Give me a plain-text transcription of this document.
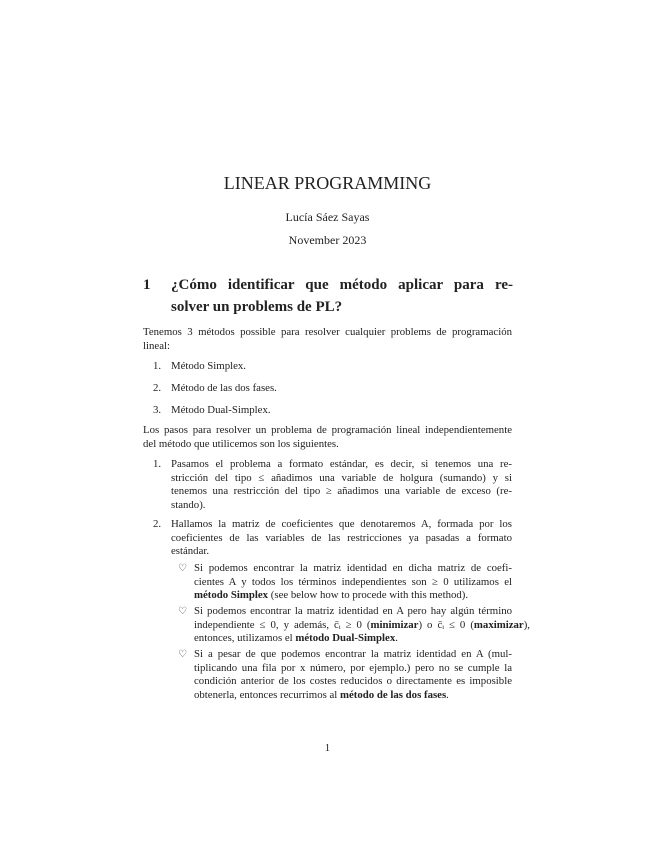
LINEAR PROGRAMMING
Lucía Sáez Sayas
November 2023
1 ¿Cómo identificar que método aplicar para re-
solver un problems de PL?
Tenemos 3 métodos possible para resolver cualquier problems de programación
lineal:
1. Método Simplex.
2. Método de las dos fases.
3. Método Dual-Simplex.
Los pasos para resolver un problema de programación lineal independientemente
del método que utilicemos son los siguientes.
1. Pasamos el problema a formato estándar, es decir, si tenemos una re-
stricción del tipo ≤ añadimos una variable de holgura (sumando) y si
tenemos una restricción del tipo ≥ añadimos una variable de exceso (re-
stando).
2. Hallamos la matriz de coeficientes que denotaremos A, formada por los
coeficientes de las variables de las restricciones ya pasadas a formato
estándar.
♡ Si podemos encontrar la matriz identidad en dicha matriz de coefi-
cientes A y todos los términos independientes son ≥ 0 utilizamos el
método Simplex (see below how to procede with this method).
♡ Si podemos encontrar la matriz identidad en A pero hay algún término
independiente ≤ 0, y además, c̄ᵢ ≥ 0 (minimizar) o c̄ᵢ ≤ 0 (maximizar),
entonces, utilizamos el método Dual-Simplex.
♡ Si a pesar de que podemos encontrar la matriz identidad en A (mul-
tiplicando una fila por x número, por ejemplo.) pero no se cumple la
condición anterior de los costes reducidos o directamente es imposible
obtenerla, entonces recurrimos al método de las dos fases.
1
